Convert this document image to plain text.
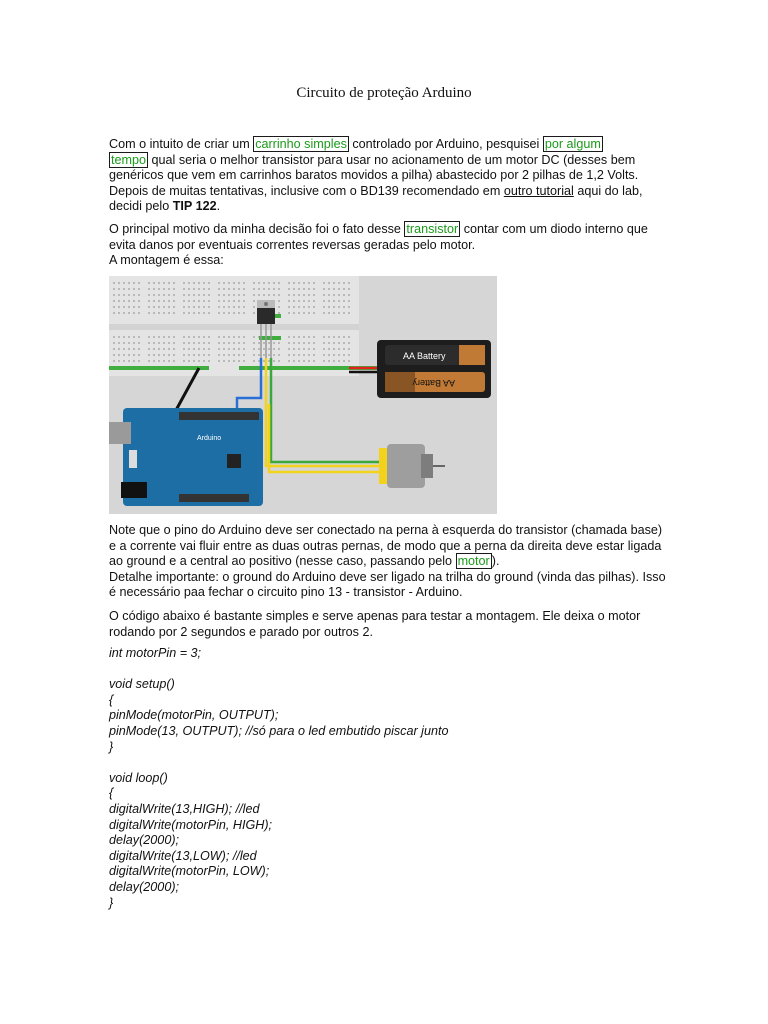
Circuito de proteção Arduino

Com o intuito de criar um carrinho simples controlado por Arduino, pesquisei por algum
tempo qual seria o melhor transistor para usar no acionamento de um motor DC (desses bem genéricos que vem em carrinhos baratos movidos a pilha) abastecido por 2 pilhas de 1,2 Volts. Depois de muitas tentativas, inclusive com o BD139 recomendado em outro tutorial aqui do lab, decidi pelo TIP 122.

O principal motivo da minha decisão foi o fato desse transistor contar com um diodo interno que evita danos por eventuais correntes reversas geradas pelo motor.
A montagem é essa:

AA Battery
AA Battery
Arduino

Note que o pino do Arduino deve ser conectado na perna à esquerda do transistor (chamada base) e a corrente vai fluir entre as duas outras pernas, de modo que a perna da direita deve estar ligada ao ground e a central ao positivo (nesse caso, passando pelo motor ).
Detalhe importante: o ground do Arduino deve ser ligado na trilha do ground (vinda das pilhas). Isso é necessário paa fechar o circuito pino 13 - transistor - Arduino.

O código abaixo é bastante simples e serve apenas para testar a montagem. Ele deixa o motor rodando por 2 segundos e parado por outros 2.

int motorPin = 3;
void setup()
{
pinMode(motorPin, OUTPUT);
pinMode(13, OUTPUT); //só para o led embutido piscar junto
}
void loop()
{
digitalWrite(13,HIGH); //led
digitalWrite(motorPin, HIGH);
delay(2000);
digitalWrite(13,LOW); //led
digitalWrite(motorPin, LOW);
delay(2000);
}
